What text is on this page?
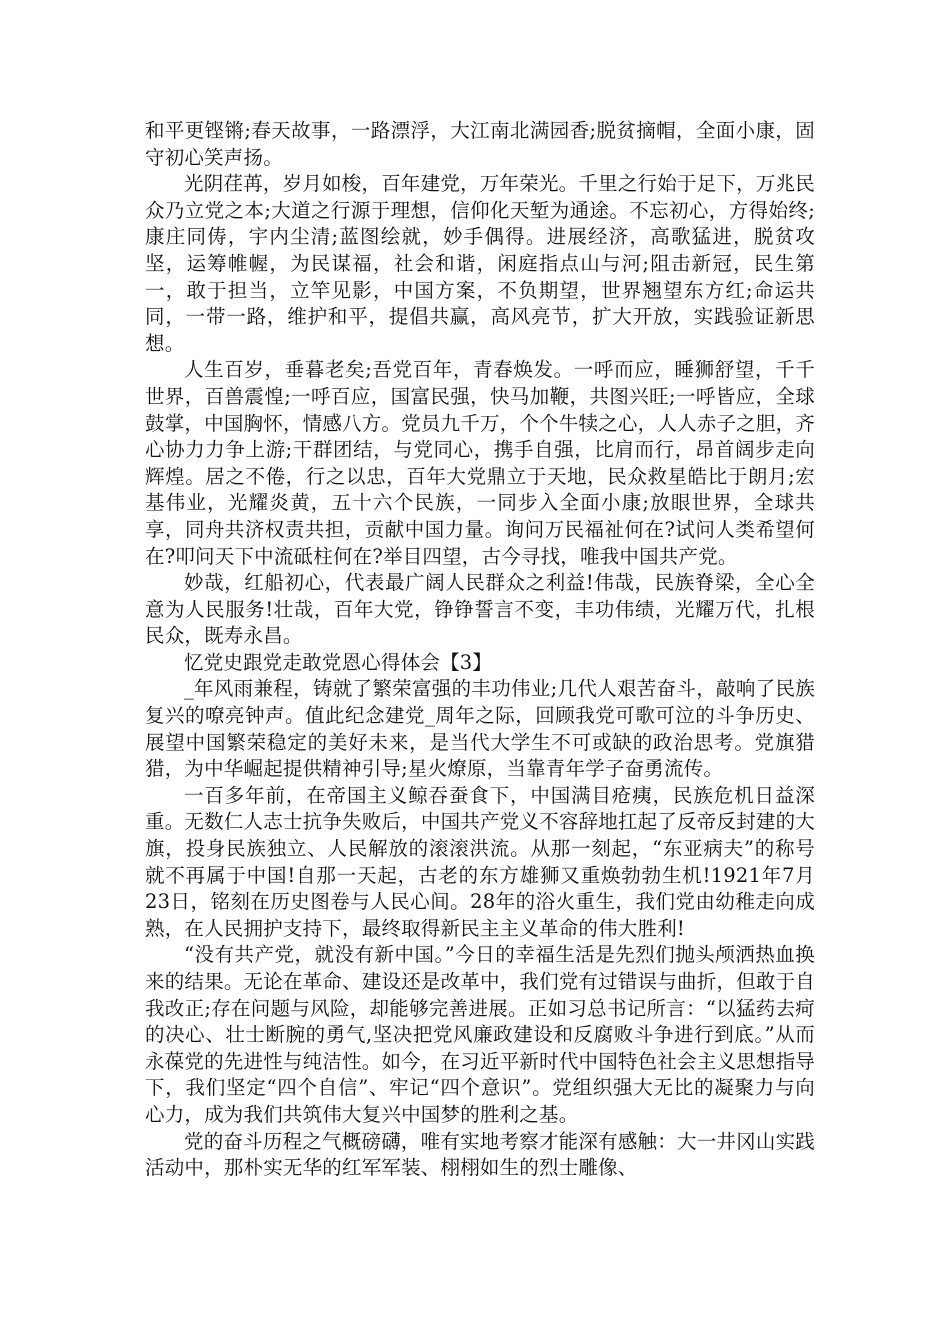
和平更铿锵;春天故事，一路漂浮，大江南北满园香;脱贫摘帽，全面小康，固守初心笑声扬。

光阴荏苒，岁月如梭，百年建党，万年荣光。千里之行始于足下，万兆民众乃立党之本;大道之行源于理想，信仰化天堑为通途。不忘初心，方得始终;康庄同俦，宇内尘清;蓝图绘就，妙手偶得。进展经济，高歌猛进，脱贫攻坚，运筹帷幄，为民谋福，社会和谐，闲庭指点山与河;阻击新冠，民生第一，敢于担当，立竿见影，中国方案，不负期望，世界翘望东方红;命运共同，一带一路，维护和平，提倡共赢，高风亮节，扩大开放，实践验证新思想。

人生百岁，垂暮老矣;吾党百年，青春焕发。一呼而应，睡狮舒望，千千世界，百兽震惶;一呼百应，国富民强，快马加鞭，共图兴旺;一呼皆应，全球鼓掌，中国胸怀，情感八方。党员九千万，个个牛犊之心，人人赤子之胆，齐心协力力争上游;干群团结，与党同心，携手自强，比肩而行，昂首阔步走向辉煌。居之不倦，行之以忠，百年大党鼎立于天地，民众救星皓比于朗月;宏基伟业，光耀炎黄，五十六个民族，一同步入全面小康;放眼世界，全球共享，同舟共济权责共担，贡献中国力量。询问万民福祉何在?试问人类希望何在?叩问天下中流砥柱何在?举目四望，古今寻找，唯我中国共产党。

妙哉，红船初心，代表最广阔人民群众之利益!伟哉，民族脊梁，全心全意为人民服务!壮哉，百年大党，铮铮誓言不变，丰功伟绩，光耀万代，扎根民众，既寿永昌。

忆党史跟党走敢党恩心得体会【3】

_年风雨兼程，铸就了繁荣富强的丰功伟业;几代人艰苦奋斗，敲响了民族复兴的嘹亮钟声。值此纪念建党_周年之际，回顾我党可歌可泣的斗争历史、展望中国繁荣稳定的美好未来，是当代大学生不可或缺的政治思考。党旗猎猎，为中华崛起提供精神引导;星火燎原，当靠青年学子奋勇流传。

一百多年前，在帝国主义鲸吞蚕食下，中国满目疮痍，民族危机日益深重。无数仁人志士抗争失败后，中国共产党义不容辞地扛起了反帝反封建的大旗，投身民族独立、人民解放的滚滚洪流。从那一刻起，“东亚病夫”的称号就不再属于中国!自那一天起，古老的东方雄狮又重焕勃勃生机!1921年7月23日，铭刻在历史图卷与人民心间。28年的浴火重生，我们党由幼稚走向成熟，在人民拥护支持下，最终取得新民主主义革命的伟大胜利!

“没有共产党，就没有新中国。”今日的幸福生活是先烈们抛头颅洒热血换来的结果。无论在革命、建设还是改革中，我们党有过错误与曲折，但敢于自我改正;存在问题与风险，却能够完善进展。正如习总书记所言：“以猛药去疴的决心、壮士断腕的勇气,坚决把党风廉政建设和反腐败斗争进行到底。”从而永葆党的先进性与纯洁性。如今，在习近平新时代中国特色社会主义思想指导下，我们坚定“四个自信”、牢记“四个意识”。党组织强大无比的凝聚力与向心力，成为我们共筑伟大复兴中国梦的胜利之基。

党的奋斗历程之气概磅礴，唯有实地考察才能深有感触：大一井冈山实践活动中，那朴实无华的红军军装、栩栩如生的烈士雕像、
